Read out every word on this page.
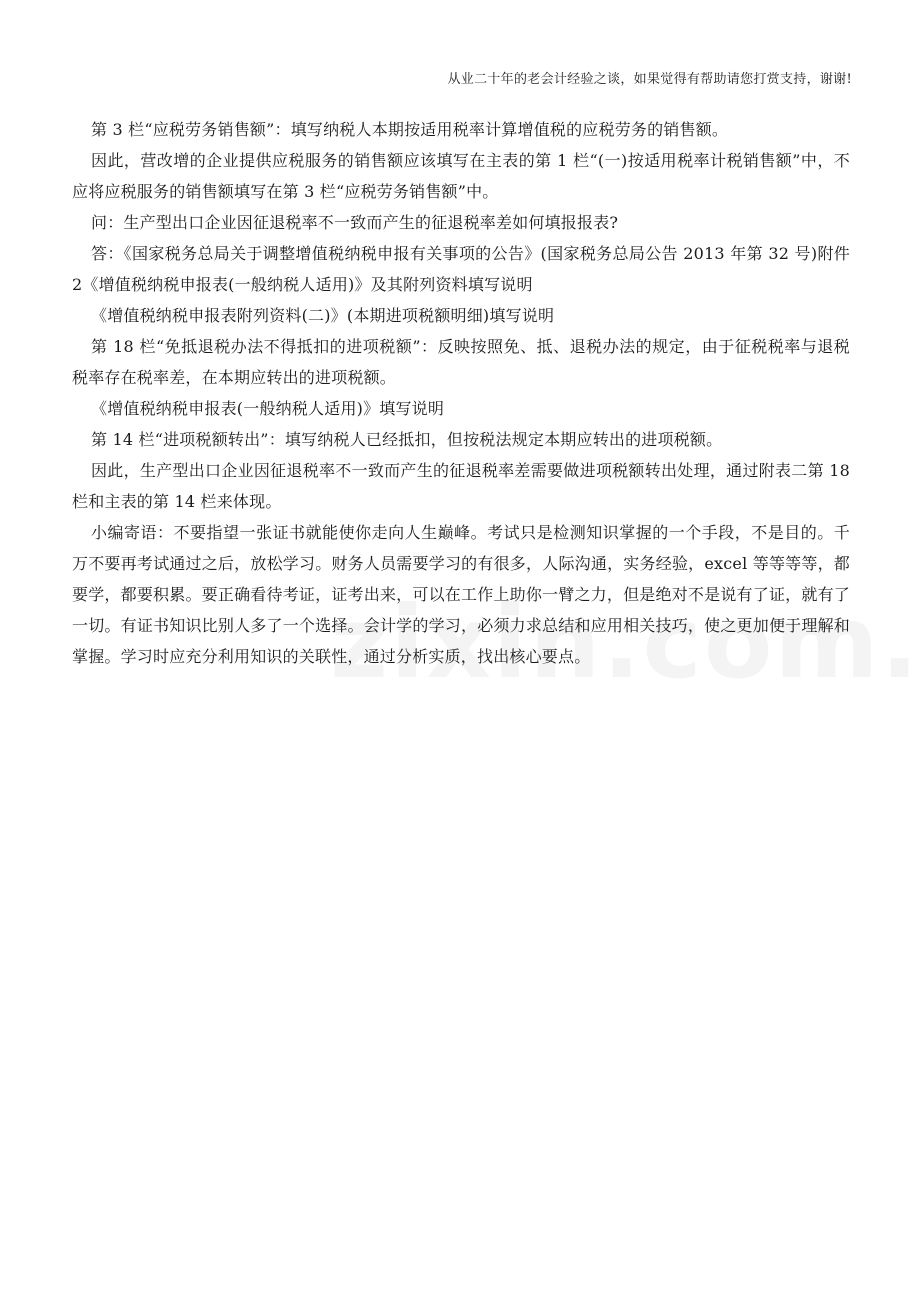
从业二十年的老会计经验之谈，如果觉得有帮助请您打赏支持，谢谢!

第 3 栏“应税劳务销售额”：填写纳税人本期按适用税率计算增值税的应税劳务的销售额。

因此，营改增的企业提供应税服务的销售额应该填写在主表的第 1 栏“(一)按适用税率计税销售额”中，不应将应税服务的销售额填写在第 3 栏“应税劳务销售额”中。

问：生产型出口企业因征退税率不一致而产生的征退税率差如何填报报表?

答：《国家税务总局关于调整增值税纳税申报有关事项的公告》(国家税务总局公告 2013 年第 32 号)附件 2《增值税纳税申报表(一般纳税人适用)》及其附列资料填写说明

《增值税纳税申报表附列资料(二)》(本期进项税额明细)填写说明

第 18 栏“免抵退税办法不得抵扣的进项税额”：反映按照免、抵、退税办法的规定，由于征税税率与退税税率存在税率差，在本期应转出的进项税额。

《增值税纳税申报表(一般纳税人适用)》填写说明

第 14 栏“进项税额转出”：填写纳税人已经抵扣，但按税法规定本期应转出的进项税额。

因此，生产型出口企业因征退税率不一致而产生的征退税率差需要做进项税额转出处理，通过附表二第 18 栏和主表的第 14 栏来体现。

小编寄语：不要指望一张证书就能使你走向人生巅峰。考试只是检测知识掌握的一个手段，不是目的。千万不要再考试通过之后，放松学习。财务人员需要学习的有很多，人际沟通，实务经验，excel 等等等等，都要学，都要积累。要正确看待考证，证考出来，可以在工作上助你一臂之力，但是绝对不是说有了证，就有了一切。有证书知识比别人多了一个选择。会计学的学习，必须力求总结和应用相关技巧，使之更加便于理解和掌握。学习时应充分利用知识的关联性，通过分析实质，找出核心要点。
